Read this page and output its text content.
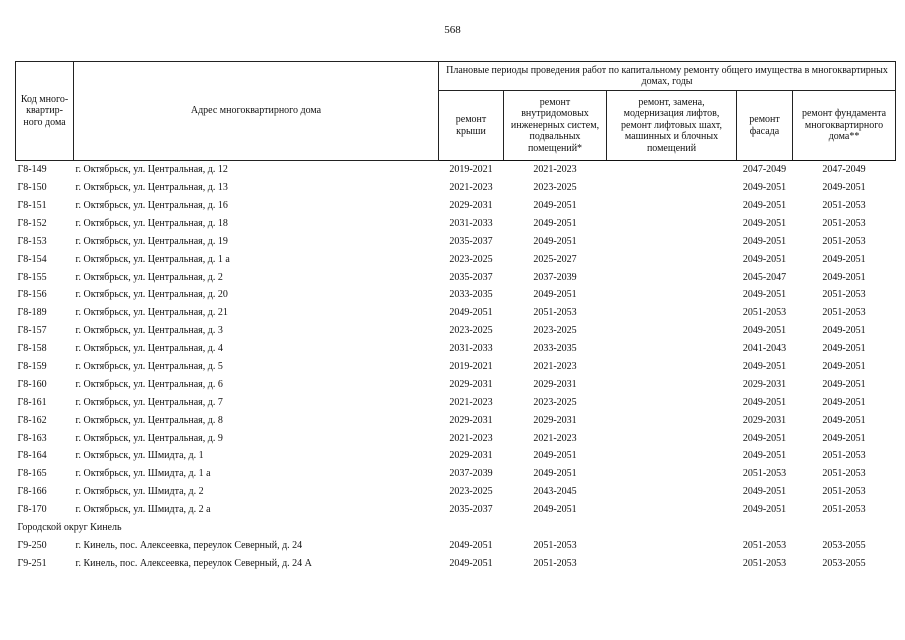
568
Код много-
квартир-
ного дома	Адрес многоквартирного дома	Плановые периоды проведения работ по капитальному ремонту общего имущества в многоквартирных домах, годы				
		ремонт крыши	ремонт внутридомовых инженерных систем, подвальных помещений*	ремонт, замена, модернизация лифтов, ремонт лифтовых шахт, машинных и блочных помещений	ремонт фасада	ремонт фундамента многоквартирного дома**
Г8-149	г. Октябрьск, ул. Центральная, д. 12	2019-2021	2021-2023		2047-2049	2047-2049
Г8-150	г. Октябрьск, ул. Центральная, д. 13	2021-2023	2023-2025		2049-2051	2049-2051
Г8-151	г. Октябрьск, ул. Центральная, д. 16	2029-2031	2049-2051		2049-2051	2051-2053
Г8-152	г. Октябрьск, ул. Центральная, д. 18	2031-2033	2049-2051		2049-2051	2051-2053
Г8-153	г. Октябрьск, ул. Центральная, д. 19	2035-2037	2049-2051		2049-2051	2051-2053
Г8-154	г. Октябрьск, ул. Центральная, д. 1 а	2023-2025	2025-2027		2049-2051	2049-2051
Г8-155	г. Октябрьск, ул. Центральная, д. 2	2035-2037	2037-2039		2045-2047	2049-2051
Г8-156	г. Октябрьск, ул. Центральная, д. 20	2033-2035	2049-2051		2049-2051	2051-2053
Г8-189	г. Октябрьск, ул. Центральная, д. 21	2049-2051	2051-2053		2051-2053	2051-2053
Г8-157	г. Октябрьск, ул. Центральная, д. 3	2023-2025	2023-2025		2049-2051	2049-2051
Г8-158	г. Октябрьск, ул. Центральная, д. 4	2031-2033	2033-2035		2041-2043	2049-2051
Г8-159	г. Октябрьск, ул. Центральная, д. 5	2019-2021	2021-2023		2049-2051	2049-2051
Г8-160	г. Октябрьск, ул. Центральная, д. 6	2029-2031	2029-2031		2029-2031	2049-2051
Г8-161	г. Октябрьск, ул. Центральная, д. 7	2021-2023	2023-2025		2049-2051	2049-2051
Г8-162	г. Октябрьск, ул. Центральная, д. 8	2029-2031	2029-2031		2029-2031	2049-2051
Г8-163	г. Октябрьск, ул. Центральная, д. 9	2021-2023	2021-2023		2049-2051	2049-2051
Г8-164	г. Октябрьск, ул. Шмидта, д. 1	2029-2031	2049-2051		2049-2051	2051-2053
Г8-165	г. Октябрьск, ул. Шмидта, д. 1 а	2037-2039	2049-2051		2051-2053	2051-2053
Г8-166	г. Октябрьск, ул. Шмидта, д. 2	2023-2025	2043-2045		2049-2051	2051-2053
Г8-170	г. Октябрьск, ул. Шмидта, д. 2 а	2035-2037	2049-2051		2049-2051	2051-2053
Городской округ Кинель						
Г9-250	г. Кинель, пос. Алексеевка, переулок Северный, д. 24	2049-2051	2051-2053		2051-2053	2053-2055
Г9-251	г. Кинель, пос. Алексеевка, переулок Северный, д. 24 А	2049-2051	2051-2053		2051-2053	2053-2055
